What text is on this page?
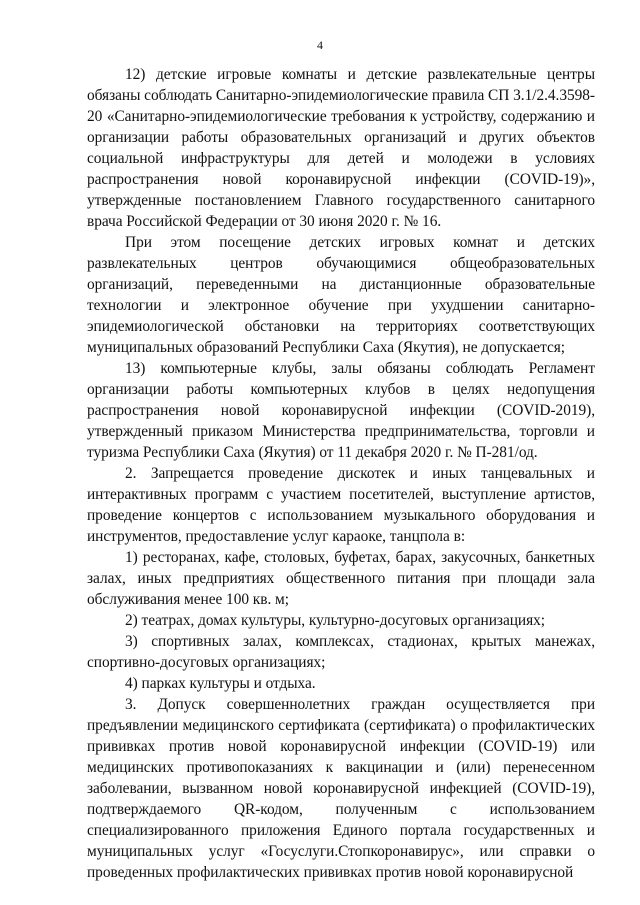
4

12) детские игровые комнаты и детские развлекательные центры обязаны соблюдать Санитарно-эпидемиологические правила СП 3.1/2.4.3598-20 «Санитарно-эпидемиологические требования к устройству, содержанию и организации работы образовательных организаций и других объектов социальной инфраструктуры для детей и молодежи в условиях распространения новой коронавирусной инфекции (COVID-19)», утвержденные постановлением Главного государственного санитарного врача Российской Федерации от 30 июня 2020 г. № 16.

При этом посещение детских игровых комнат и детских развлекательных центров обучающимися общеобразовательных организаций, переведенными на дистанционные образовательные технологии и электронное обучение при ухудшении санитарно-эпидемиологической обстановки на территориях соответствующих муниципальных образований Республики Саха (Якутия), не допускается;

13) компьютерные клубы, залы обязаны соблюдать Регламент организации работы компьютерных клубов в целях недопущения распространения новой коронавирусной инфекции (COVID-2019), утвержденный приказом Министерства предпринимательства, торговли и туризма Республики Саха (Якутия) от 11 декабря 2020 г. № П-281/од.

2. Запрещается проведение дискотек и иных танцевальных и интерактивных программ с участием посетителей, выступление артистов, проведение концертов с использованием музыкального оборудования и инструментов, предоставление услуг караоке, танцпола в:

1) ресторанах, кафе, столовых, буфетах, барах, закусочных, банкетных залах, иных предприятиях общественного питания при площади зала обслуживания менее 100 кв. м;

2) театрах, домах культуры, культурно-досуговых организациях;

3) спортивных залах, комплексах, стадионах, крытых манежах, спортивно-досуговых организациях;

4) парках культуры и отдыха.

3. Допуск совершеннолетних граждан осуществляется при предъявлении медицинского сертификата (сертификата) о профилактических прививках против новой коронавирусной инфекции (COVID-19) или медицинских противопоказаниях к вакцинации и (или) перенесенном заболевании, вызванном новой коронавирусной инфекцией (COVID-19), подтверждаемого QR-кодом, полученным с использованием специализированного приложения Единого портала государственных и муниципальных услуг «Госуслуги.Стопкоронавирус», или справки о проведенных профилактических прививках против новой коронавирусной
